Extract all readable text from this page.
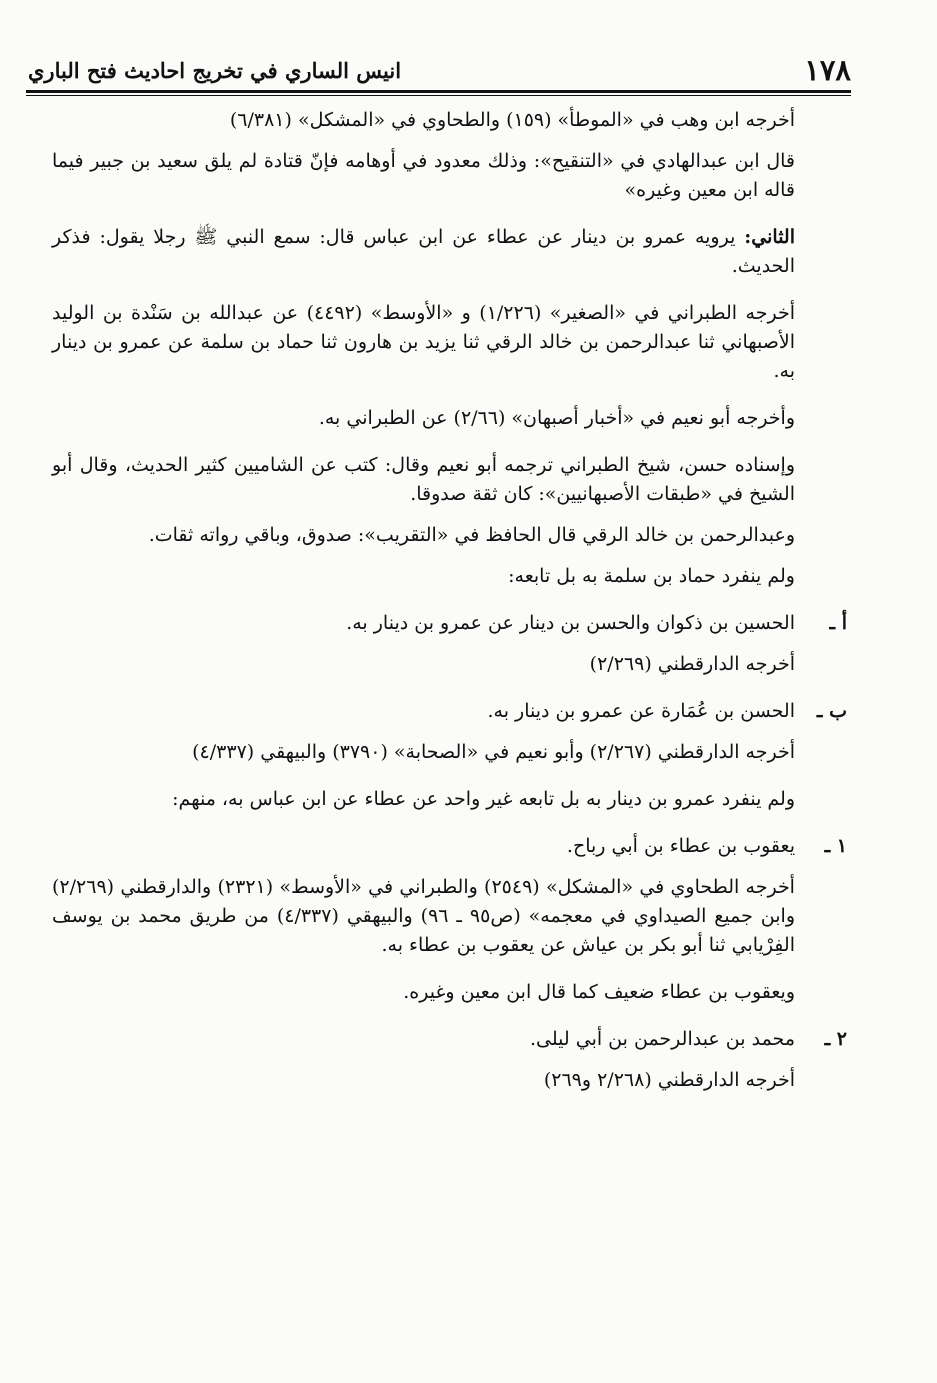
١٧٨
انيس الساري في تخريج احاديث فتح الباري

أخرجه ابن وهب في «الموطأ» (١٥٩) والطحاوي في «المشكل» (٦/٣٨١)

قال ابن عبدالهادي في «التنقيح»: وذلك معدود في أوهامه فإنّ قتادة لم يلق سعيد بن جبير فيما قاله ابن معين وغيره»

الثاني: يرويه عمرو بن دينار عن عطاء عن ابن عباس قال: سمع النبي ﷺ رجلا يقول: فذكر الحديث.

أخرجه الطبراني في «الصغير» (١/٢٢٦) و «الأوسط» (٤٤٩٢) عن عبدالله بن سَنْدة بن الوليد الأصبهاني ثنا عبدالرحمن بن خالد الرقي ثنا يزيد بن هارون ثنا حماد بن سلمة عن عمرو بن دينار به.

وأخرجه أبو نعيم في «أخبار أصبهان» (٢/٦٦) عن الطبراني به.

وإسناده حسن، شيخ الطبراني ترجمه أبو نعيم وقال: كتب عن الشاميين كثير الحديث، وقال أبو الشيخ في «طبقات الأصبهانيين»: كان ثقة صدوقا.

وعبدالرحمن بن خالد الرقي قال الحافظ في «التقريب»: صدوق، وباقي رواته ثقات.

ولم ينفرد حماد بن سلمة به بل تابعه:

أ ـ
الحسين بن ذكوان والحسن بن دينار عن عمرو بن دينار به.

أخرجه الدارقطني (٢/٢٦٩)

ب ـ
الحسن بن عُمَارة عن عمرو بن دينار به.

أخرجه الدارقطني (٢/٢٦٧) وأبو نعيم في «الصحابة» (٣٧٩٠) والبيهقي (٤/٣٣٧)

ولم ينفرد عمرو بن دينار به بل تابعه غير واحد عن عطاء عن ابن عباس به، منهم:

١ ـ
يعقوب بن عطاء بن أبي رباح.

أخرجه الطحاوي في «المشكل» (٢٥٤٩) والطبراني في «الأوسط» (٢٣٢١) والدارقطني (٢/٢٦٩) وابن جميع الصيداوي في معجمه» (ص٩٥ ـ ٩٦) والبيهقي (٤/٣٣٧) من طريق محمد بن يوسف الفِرْيابي ثنا أبو بكر بن عياش عن يعقوب بن عطاء به.

ويعقوب بن عطاء ضعيف كما قال ابن معين وغيره.

٢ ـ
محمد بن عبدالرحمن بن أبي ليلى.

أخرجه الدارقطني (٢/٢٦٨ و٢٦٩)
